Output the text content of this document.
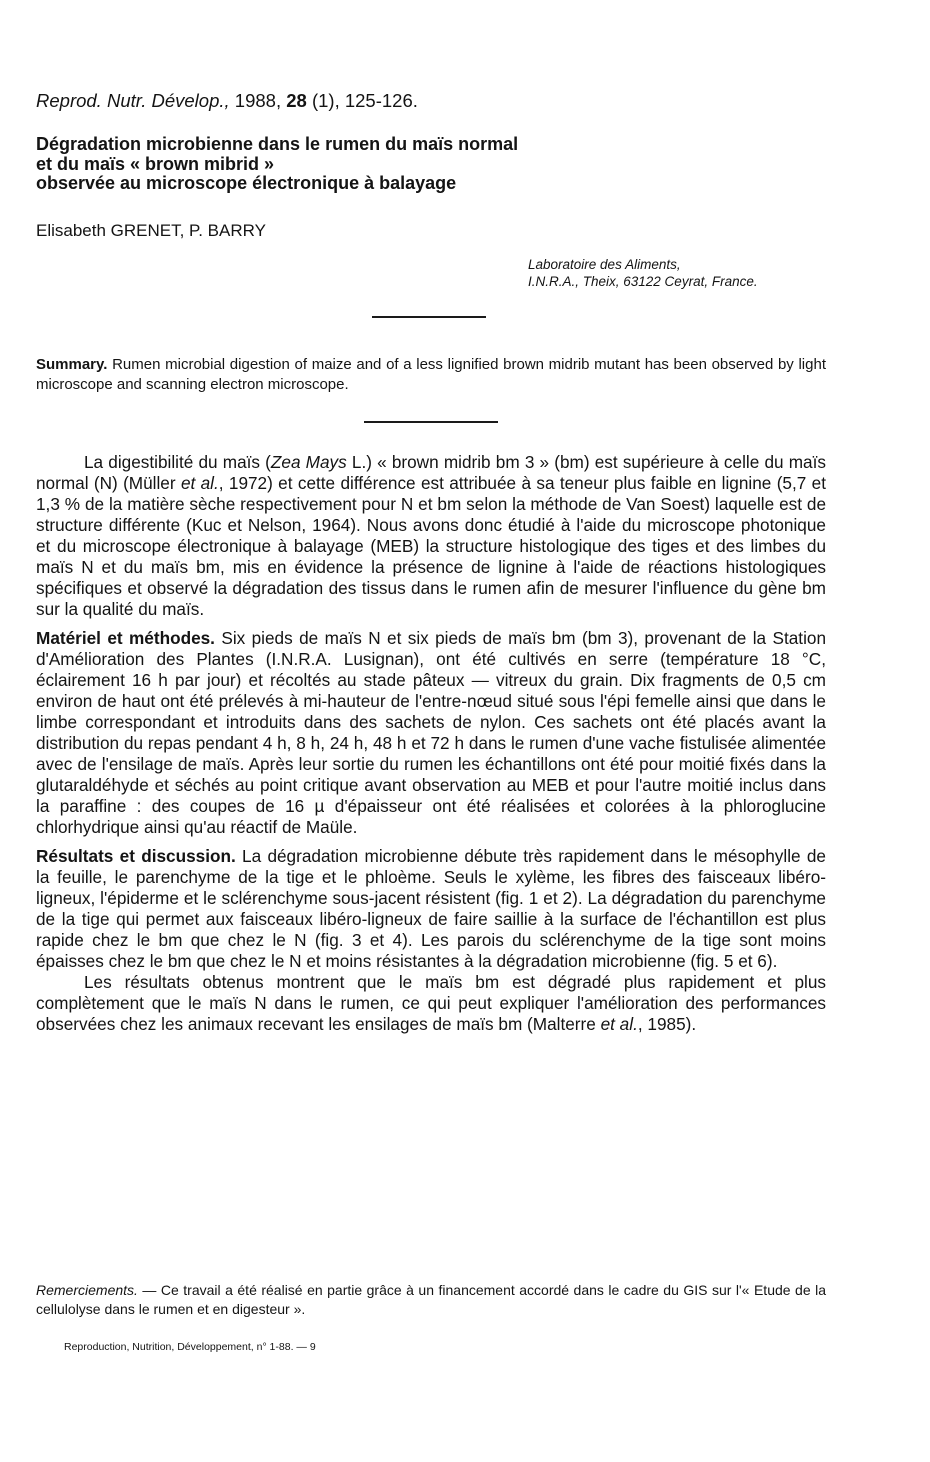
Reprod. Nutr. Dévelop., 1988, 28 (1), 125-126.
Dégradation microbienne dans le rumen du maïs normal
et du maïs « brown mibrid »
observée au microscope électronique à balayage
Elisabeth GRENET, P. BARRY
Laboratoire des Aliments,
I.N.R.A., Theix, 63122 Ceyrat, France.

Summary. Rumen microbial digestion of maize and of a less lignified brown midrib mutant has been observed by light microscope and scanning electron microscope.

La digestibilité du maïs (Zea Mays L.) « brown midrib bm 3 » (bm) est supérieure à celle du maïs normal (N) (Müller et al., 1972) et cette différence est attribuée à sa teneur plus faible en lignine (5,7 et 1,3 % de la matière sèche respectivement pour N et bm selon la méthode de Van Soest) laquelle est de structure différente (Kuc et Nelson, 1964). Nous avons donc étudié à l'aide du microscope photonique et du microscope électronique à balayage (MEB) la structure histologique des tiges et des limbes du maïs N et du maïs bm, mis en évidence la présence de lignine à l'aide de réactions histologiques spécifiques et observé la dégradation des tissus dans le rumen afin de mesurer l'influence du gène bm sur la qualité du maïs.

Matériel et méthodes. Six pieds de maïs N et six pieds de maïs bm (bm 3), provenant de la Station d'Amélioration des Plantes (I.N.R.A. Lusignan), ont été cultivés en serre (température 18 °C, éclairement 16 h par jour) et récoltés au stade pâteux — vitreux du grain. Dix fragments de 0,5 cm environ de haut ont été prélevés à mi-hauteur de l'entre-nœud situé sous l'épi femelle ainsi que dans le limbe correspondant et introduits dans des sachets de nylon. Ces sachets ont été placés avant la distribution du repas pendant 4 h, 8 h, 24 h, 48 h et 72 h dans le rumen d'une vache fistulisée alimentée avec de l'ensilage de maïs. Après leur sortie du rumen les échantillons ont été pour moitié fixés dans la glutaraldéhyde et séchés au point critique avant observation au MEB et pour l'autre moitié inclus dans la paraffine : des coupes de 16 µ d'épaisseur ont été réalisées et colorées à la phloroglucine chlorhydrique ainsi qu'au réactif de Maüle.

Résultats et discussion. La dégradation microbienne débute très rapidement dans le mésophylle de la feuille, le parenchyme de la tige et le phloème. Seuls le xylème, les fibres des faisceaux libéro-ligneux, l'épiderme et le sclérenchyme sous-jacent résistent (fig. 1 et 2). La dégradation du parenchyme de la tige qui permet aux faisceaux libéro-ligneux de faire saillie à la surface de l'échantillon est plus rapide chez le bm que chez le N (fig. 3 et 4). Les parois du sclérenchyme de la tige sont moins épaisses chez le bm que chez le N et moins résistantes à la dégradation microbienne (fig. 5 et 6).

Les résultats obtenus montrent que le maïs bm est dégradé plus rapidement et plus complètement que le maïs N dans le rumen, ce qui peut expliquer l'amélioration des performances observées chez les animaux recevant les ensilages de maïs bm (Malterre et al., 1985).

Remerciements. — Ce travail a été réalisé en partie grâce à un financement accordé dans le cadre du GIS sur l'« Etude de la cellulolyse dans le rumen et en digesteur ».

Reproduction, Nutrition, Développement, n° 1-88. — 9
